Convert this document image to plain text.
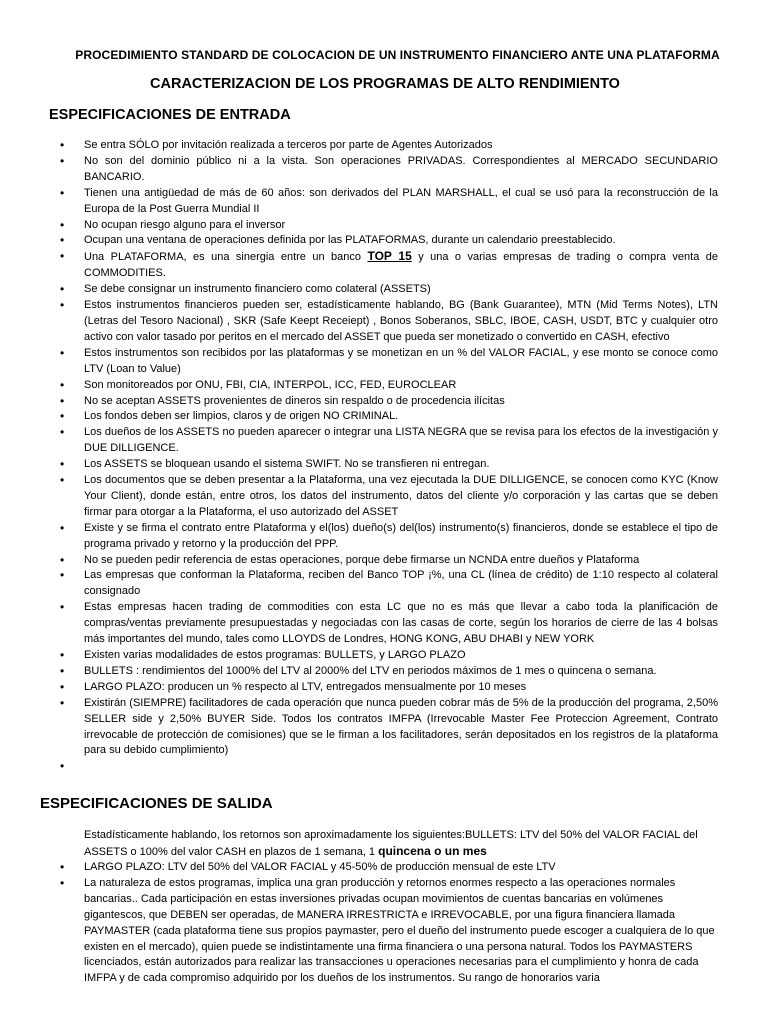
PROCEDIMIENTO STANDARD DE COLOCACION DE UN INSTRUMENTO FINANCIERO ANTE UNA PLATAFORMA
CARACTERIZACION DE LOS PROGRAMAS DE ALTO RENDIMIENTO
ESPECIFICACIONES DE ENTRADA
• Se entra SÓLO por invitación realizada a terceros por parte de Agentes Autorizados
• No son del dominio público ni a la vista. Son operaciones PRIVADAS. Correspondientes al MERCADO SECUNDARIO BANCARIO.
• Tienen una antigüedad de más de 60 años: son derivados del PLAN MARSHALL, el cual se usó para la reconstrucción de la Europa de la Post Guerra Mundial II
• No ocupan riesgo alguno para el inversor
• Ocupan una ventana de operaciones definida por las PLATAFORMAS, durante un calendario preestablecido.
• Una PLATAFORMA, es una sinergia entre un banco TOP 15 y una o varias empresas de trading o compra venta de COMMODITIES.
• Se debe consignar un instrumento financiero como colateral (ASSETS)
• Estos instrumentos financieros pueden ser, estadísticamente hablando, BG (Bank Guarantee), MTN (Mid Terms Notes), LTN (Letras del Tesoro Nacional) , SKR (Safe Keept Receiept) , Bonos Soberanos, SBLC, IBOE, CASH, USDT, BTC y cualquier otro activo con valor tasado por peritos en el mercado del ASSET que pueda ser monetizado o convertido en CASH, efectivo
• Estos instrumentos son recibidos por las plataformas y se monetizan en un % del VALOR FACIAL, y ese monto se conoce como LTV (Loan to Value)
• Son monitoreados por ONU, FBI, CIA, INTERPOL, ICC, FED, EUROCLEAR
• No se aceptan ASSETS provenientes de dineros sin respaldo o de procedencia ilícitas
• Los fondos deben ser limpios, claros y de origen NO CRIMINAL.
• Los dueños de los ASSETS no pueden aparecer o integrar una LISTA NEGRA que se revisa para los efectos de la investigación y DUE DILLIGENCE.
• Los ASSETS se bloquean usando el sistema SWIFT. No se transfieren ni entregan.
• Los documentos que se deben presentar a la Plataforma, una vez ejecutada la DUE DILLIGENCE, se conocen como KYC (Know Your Client), donde están, entre otros, los datos del instrumento, datos del cliente y/o corporación y las cartas que se deben firmar para otorgar a la Plataforma, el uso autorizado del ASSET
• Existe y se firma el contrato entre Plataforma y el(los) dueño(s) del(los) instrumento(s) financieros, donde se establece el tipo de programa privado y retorno y la producción del PPP.
• No se pueden pedir referencia de estas operaciones, porque debe firmarse un NCNDA entre dueños y Plataforma
• Las empresas que conforman la Plataforma, reciben del Banco TOP ¡%, una CL (línea de crédito) de 1:10 respecto al colateral consignado
• Estas empresas hacen trading de commodities con esta LC que no es más que llevar a cabo toda la planificación de compras/ventas previamente presupuestadas y negociadas con las casas de corte, según los horarios de cierre de las 4 bolsas más importantes del mundo, tales como LLOYDS de Londres, HONG KONG, ABU DHABI y NEW YORK
• Existen varias modalidades de estos programas: BULLETS, y LARGO PLAZO
• BULLETS : rendimientos del 1000% del LTV al 2000% del LTV en periodos máximos de 1 mes o quincena o semana.
• LARGO PLAZO: producen un % respecto al LTV, entregados mensualmente por 10 meses
• Existirán (SIEMPRE) facilitadores de cada operación que nunca pueden cobrar más de 5% de la producción del programa, 2,50% SELLER side y 2,50% BUYER Side. Todos los contratos IMFPA (Irrevocable Master Fee Proteccion Agreement, Contrato irrevocable de protección de comisiones) que se le firman a los facilitadores, serán depositados en los registros de la plataforma para su debido cumplimiento)
•
ESPECIFICACIONES DE SALIDA

Estadísticamente hablando, los retornos son aproximadamente los siguientes:BULLETS: LTV del 50% del VALOR FACIAL del ASSETS o 100% del valor CASH en plazos de 1 semana, 1 quincena o un mes

• LARGO PLAZO: LTV del 50% del VALOR FACIAL y 45-50% de producción mensual de este LTV
• La naturaleza de estos programas, implica una gran producción y retornos enormes respecto a las operaciones normales bancarias.. Cada participación en estas inversiones privadas ocupan movimientos de cuentas bancarias en volúmenes gigantescos, que DEBEN ser operadas, de MANERA IRRESTRICTA e IRREVOCABLE, por una figura financiera llamada PAYMASTER (cada plataforma tiene sus propios paymaster, pero el dueño del instrumento puede escoger a cualquiera de lo que existen en el mercado), quien puede se indistintamente una firma financiera o una persona natural. Todos los PAYMASTERS licenciados, están autorizados para realizar las transacciones u operaciones necesarias para el cumplimiento y honra de cada IMFPA y de cada compromiso adquirido por los dueños de los instrumentos. Su rango de honorarios varia
